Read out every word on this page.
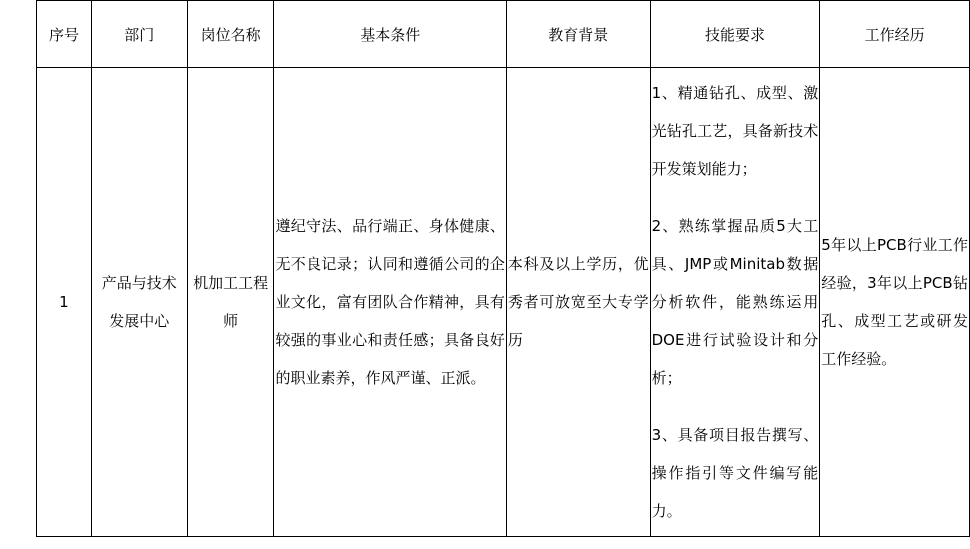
序号	部门	岗位名称	基本条件	教育背景	技能要求	工作经历
1	产品与技术发展中心	机加工工程师	遵纪守法、品行端正、身体健康、无不良记录；认同和遵循公司的企业文化，富有团队合作精神，具有较强的事业心和责任感；具备良好的职业素养，作风严谨、正派。	本科及以上学历，优秀者可放宽至大专学历	1、精通钻孔、成型、激光钻孔工艺，具备新技术开发策划能力；

2、熟练掌握品质5大工具、JMP或Minitab数据分析软件，能熟练运用DOE进行试验设计和分析；

3、具备项目报告撰写、操作指引等文件编写能力。	5年以上PCB行业工作经验，3年以上PCB钻孔、成型工艺或研发工作经验。
